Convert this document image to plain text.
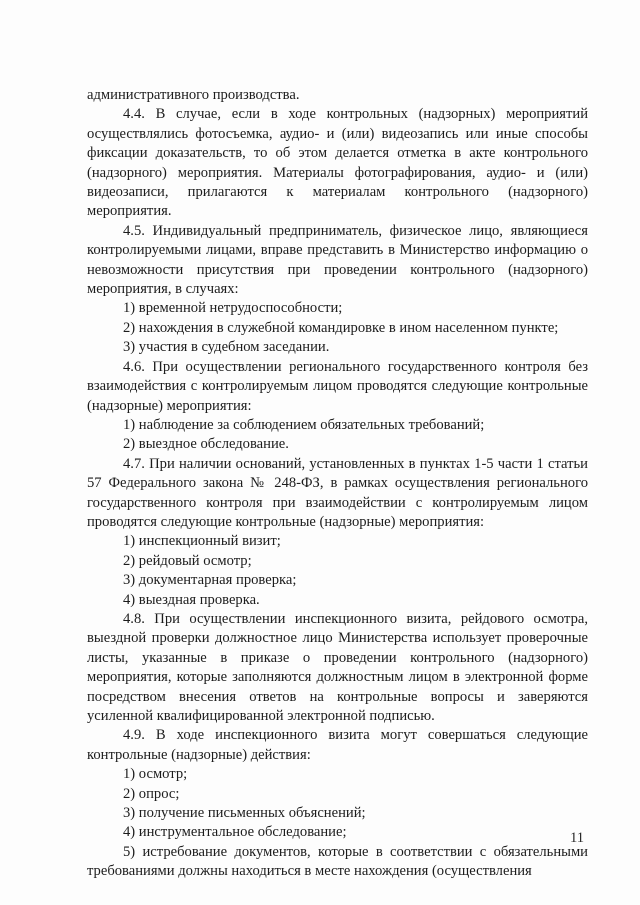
административного производства.

4.4. В случае, если в ходе контрольных (надзорных) мероприятий осуществлялись фотосъемка, аудио- и (или) видеозапись или иные способы фиксации доказательств, то об этом делается отметка в акте контрольного (надзорного) мероприятия. Материалы фотографирования, аудио- и (или) видеозаписи, прилагаются к материалам контрольного (надзорного) мероприятия.

4.5. Индивидуальный предприниматель, физическое лицо, являющиеся контролируемыми лицами, вправе представить в Министерство информацию о невозможности присутствия при проведении контрольного (надзорного) мероприятия, в случаях:

1) временной нетрудоспособности;

2) нахождения в служебной командировке в ином населенном пункте;

3) участия в судебном заседании.

4.6. При осуществлении регионального государственного контроля без взаимодействия с контролируемым лицом проводятся следующие контрольные (надзорные) мероприятия:

1) наблюдение за соблюдением обязательных требований;

2) выездное обследование.

4.7. При наличии оснований, установленных в пунктах 1-5 части 1 статьи 57 Федерального закона № 248-ФЗ, в рамках осуществления регионального государственного контроля при взаимодействии с контролируемым лицом проводятся следующие контрольные (надзорные) мероприятия:

1) инспекционный визит;

2) рейдовый осмотр;

3) документарная проверка;

4) выездная проверка.

4.8. При осуществлении инспекционного визита, рейдового осмотра, выездной проверки должностное лицо Министерства использует проверочные листы, указанные в приказе о проведении контрольного (надзорного) мероприятия, которые заполняются должностным лицом в электронной форме посредством внесения ответов на контрольные вопросы и заверяются усиленной квалифицированной электронной подписью.

4.9. В ходе инспекционного визита могут совершаться следующие контрольные (надзорные) действия:

1) осмотр;

2) опрос;

3) получение письменных объяснений;

4) инструментальное обследование;

5) истребование документов, которые в соответствии с обязательными требованиями должны находиться в месте нахождения (осуществления

11
